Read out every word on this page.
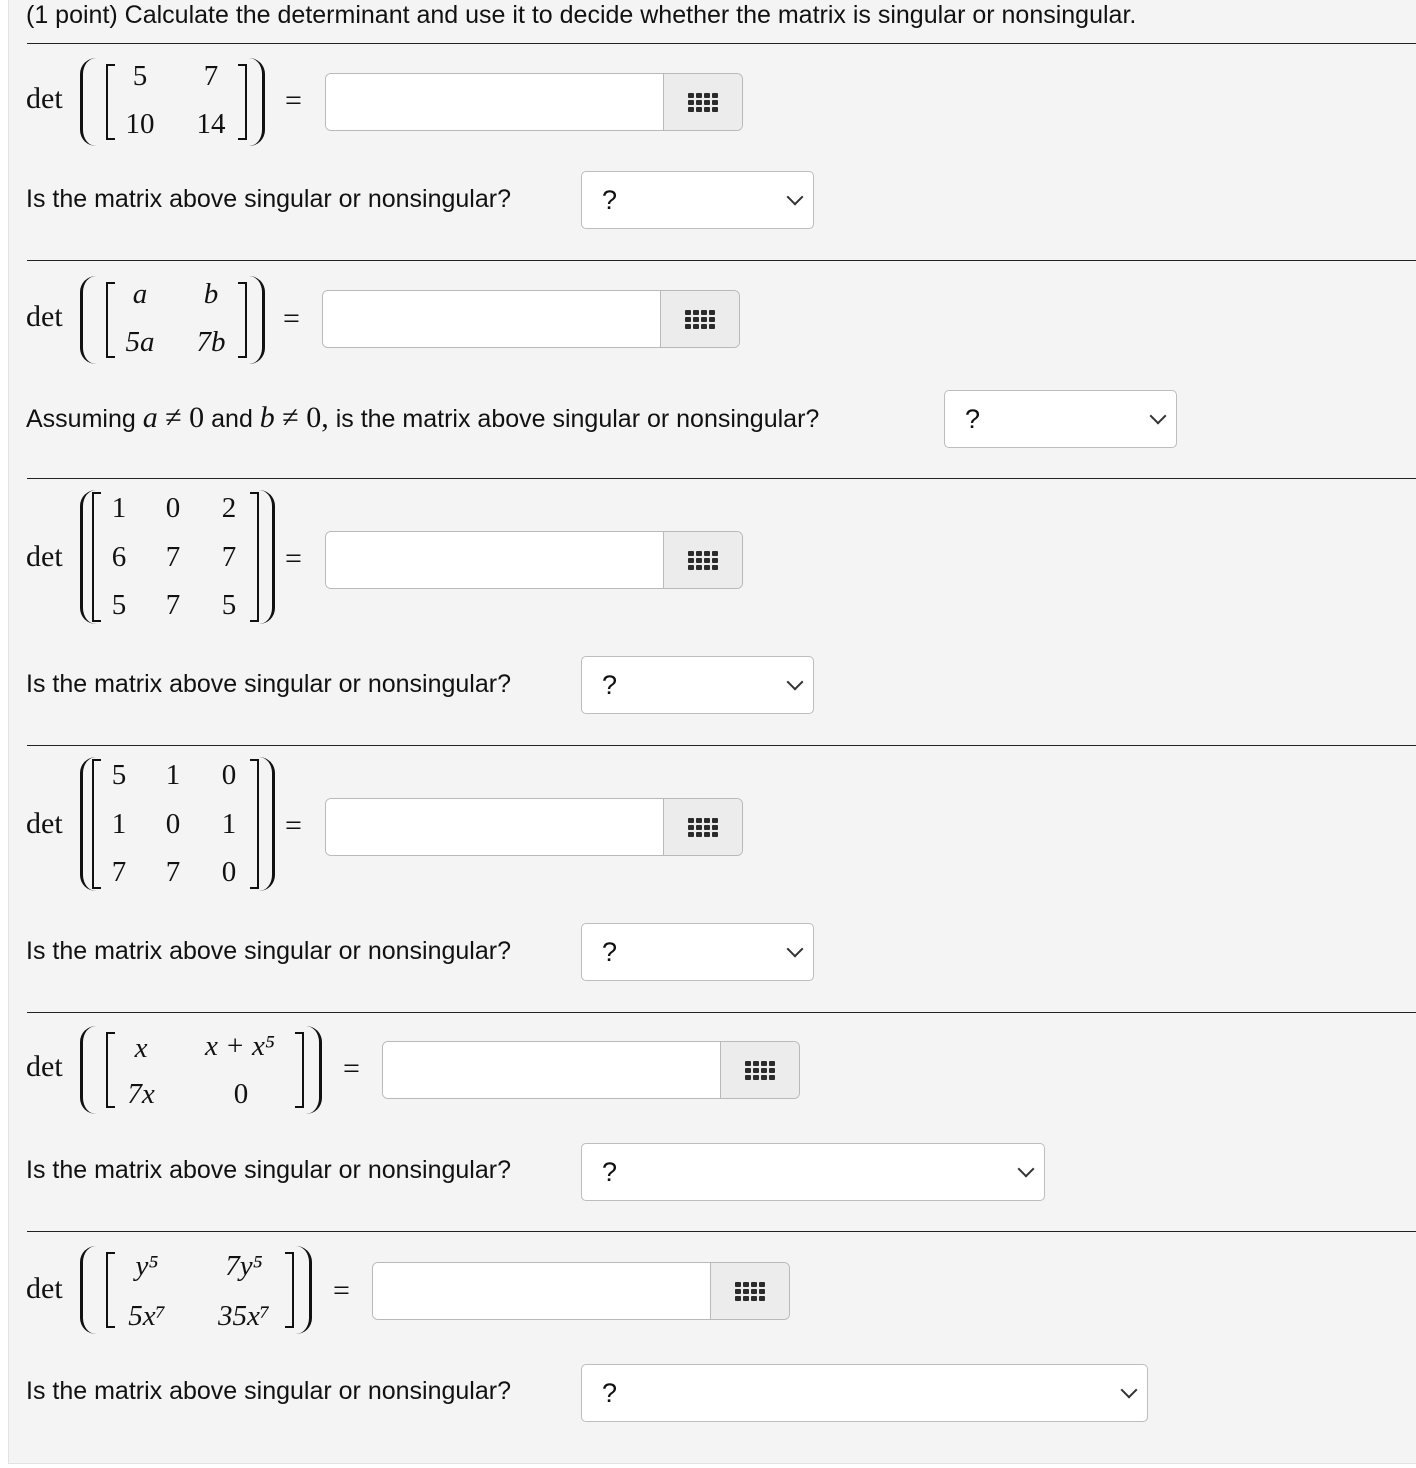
(1 point) Calculate the determinant and use it to decide whether the matrix is singular or nonsingular.
det
5	7
10	14
=
Is the matrix above singular or nonsingular?	?
det
a	b
5a	7b
=
Assuming a ≠ 0 and b ≠ 0, is the matrix above singular or nonsingular?	?
det
1	0	2
6	7	7
5	7	5
=
Is the matrix above singular or nonsingular?	?
det
5	1	0
1	0	1
7	7	0
=
Is the matrix above singular or nonsingular?	?
det
x	x + x⁵
7x	0
=
Is the matrix above singular or nonsingular?	?
det
y⁵	7y⁵
5x⁷	35x⁷
=
Is the matrix above singular or nonsingular?	?
